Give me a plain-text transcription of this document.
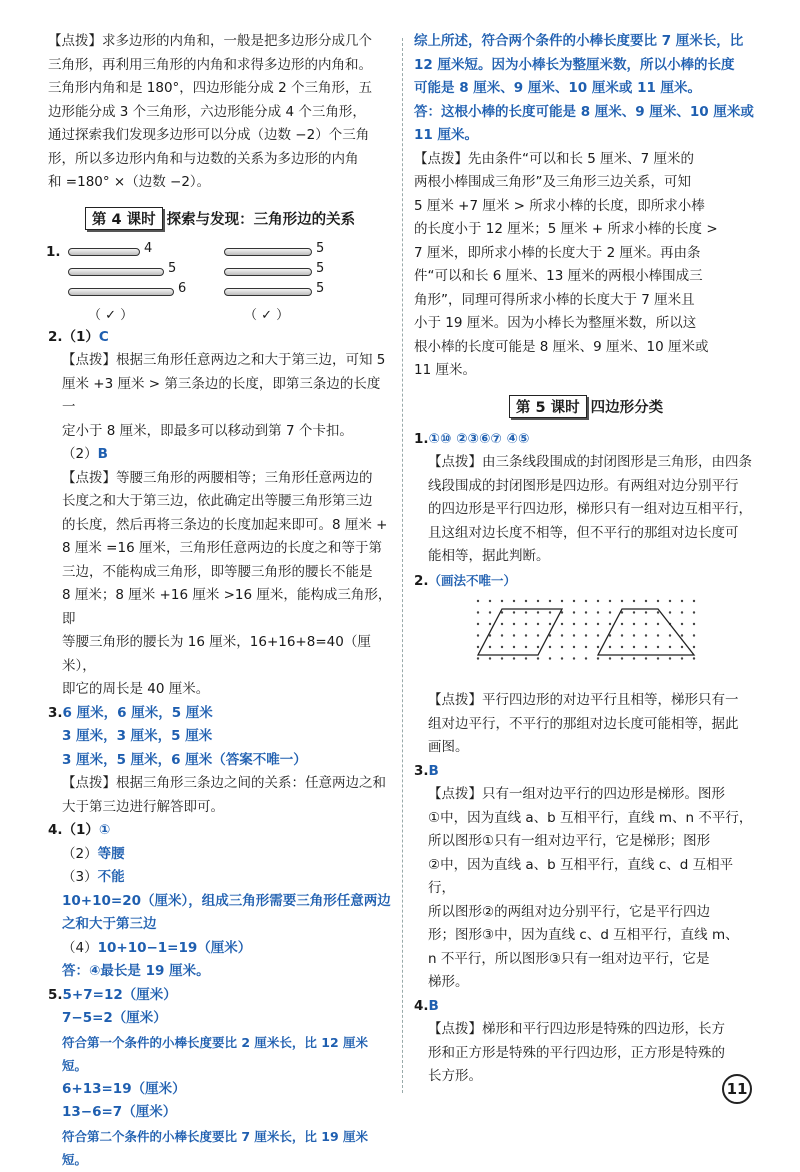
【点拨】求多边形的内角和，一般是把多边形分成几个

三角形，再利用三角形的内角和求得多边形的内角和。

三角形内角和是 180°，四边形能分成 2 个三角形，五

边形能分成 3 个三角形，六边形能分成 4 个三角形，

通过探索我们发现多边形可以分成（边数 −2）个三角

形，所以多边形内角和与边数的关系为多边形的内角

和 =180° ×（边数 −2）。

第 4 课时 探索与发现：三角形边的关系
1.	4
5
6
5
5
5
（ ✓ ）	（ ✓ ）

2.（1）C

【点拨】根据三角形任意两边之和大于第三边，可知 5

厘米 +3 厘米 > 第三条边的长度，即第三条边的长度一

定小于 8 厘米，即最多可以移动到第 7 个卡扣。

（2）B

【点拨】等腰三角形的两腰相等；三角形任意两边的

长度之和大于第三边，依此确定出等腰三角形第三边

的长度，然后再将三条边的长度加起来即可。8 厘米 +

8 厘米 =16 厘米，三角形任意两边的长度之和等于第

三边，不能构成三角形，即等腰三角形的腰长不能是

8 厘米；8 厘米 +16 厘米 >16 厘米，能构成三角形，即

等腰三角形的腰长为 16 厘米，16+16+8=40（厘米），

即它的周长是 40 厘米。

3.6 厘米，6 厘米，5 厘米

3 厘米，3 厘米，5 厘米

3 厘米，5 厘米，6 厘米（答案不唯一）

【点拨】根据三角形三条边之间的关系：任意两边之和

大于第三边进行解答即可。

4.（1）①

（2）等腰

（3）不能

10+10=20（厘米），组成三角形需要三角形任意两边

之和大于第三边

（4）10+10−1=19（厘米）

答：④最长是 19 厘米。

5.5+7=12（厘米）

7−5=2（厘米）

符合第一个条件的小棒长度要比 2 厘米长，比 12 厘米短。

6+13=19（厘米）

13−6=7（厘米）

符合第二个条件的小棒长度要比 7 厘米长，比 19 厘米短。

综上所述，符合两个条件的小棒长度要比 7 厘米长，比

12 厘米短。因为小棒长为整厘米数，所以小棒的长度

可能是 8 厘米、9 厘米、10 厘米或 11 厘米。

答：这根小棒的长度可能是 8 厘米、9 厘米、10 厘米或

11 厘米。

【点拨】先由条件“可以和长 5 厘米、7 厘米的

两根小棒围成三角形”及三角形三边关系，可知

5 厘米 +7 厘米 > 所求小棒的长度，即所求小棒

的长度小于 12 厘米；5 厘米 + 所求小棒的长度 >

7 厘米，即所求小棒的长度大于 2 厘米。再由条

件“可以和长 6 厘米、13 厘米的两根小棒围成三

角形”，同理可得所求小棒的长度大于 7 厘米且

小于 19 厘米。因为小棒长为整厘米数，所以这

根小棒的长度可能是 8 厘米、9 厘米、10 厘米或

11 厘米。

第 5 课时 四边形分类

1.①⑩ ②③⑥⑦ ④⑤

【点拨】由三条线段围成的封闭图形是三角形，由四条

线段围成的封闭图形是四边形。有两组对边分别平行

的四边形是平行四边形，梯形只有一组对边互相平行，

且这组对边长度不相等，但不平行的那组对边长度可

能相等，据此判断。

2.（画法不唯一）

【点拨】平行四边形的对边平行且相等，梯形只有一

组对边平行，不平行的那组对边长度可能相等，据此

画图。

3.B

【点拨】只有一组对边平行的四边形是梯形。图形

①中，因为直线 a、b 互相平行，直线 m、n 不平行，

所以图形①只有一组对边平行，它是梯形；图形

②中，因为直线 a、b 互相平行，直线 c、d 互相平行，

所以图形②的两组对边分别平行，它是平行四边

形；图形③中，因为直线 c、d 互相平行，直线 m、

n 不平行，所以图形③只有一组对边平行，它是

梯形。

4.B

【点拨】梯形和平行四边形是特殊的四边形，长方

形和正方形是特殊的平行四边形，正方形是特殊的

长方形。

11
